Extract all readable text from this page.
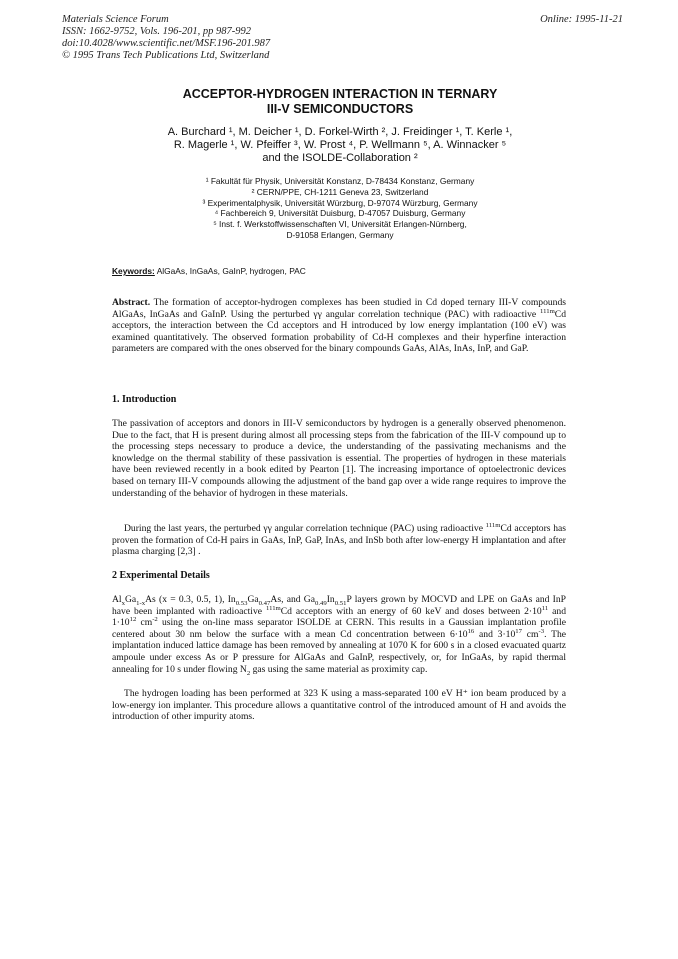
Materials Science Forum
ISSN: 1662-9752, Vols. 196-201, pp 987-992
doi:10.4028/www.scientific.net/MSF.196-201.987
© 1995 Trans Tech Publications Ltd, Switzerland
Online: 1995-11-21
ACCEPTOR-HYDROGEN INTERACTION IN TERNARY
III-V SEMICONDUCTORS
A. Burchard ¹, M. Deicher ¹, D. Forkel-Wirth ², J. Freidinger ¹, T. Kerle ¹,
R. Magerle ¹, W. Pfeiffer ³, W. Prost ⁴, P. Wellmann ⁵, A. Winnacker ⁵
and the ISOLDE-Collaboration ²
¹ Fakultät für Physik, Universität Konstanz, D-78434 Konstanz, Germany
² CERN/PPE, CH-1211 Geneva 23, Switzerland
³ Experimentalphysik, Universität Würzburg, D-97074 Würzburg, Germany
⁴ Fachbereich 9, Universität Duisburg, D-47057 Duisburg, Germany
⁵ Inst. f. Werkstoffwissenschaften VI, Universität Erlangen-Nürnberg,
D-91058 Erlangen, Germany
Keywords: AlGaAs, InGaAs, GaInP, hydrogen, PAC
Abstract. The formation of acceptor-hydrogen complexes has been studied in Cd doped ternary III-V compounds AlGaAs, InGaAs and GaInP. Using the perturbed γγ angular correlation technique (PAC) with radioactive $^{111m}$Cd acceptors, the interaction between the Cd acceptors and H introduced by low energy implantation (100 eV) was examined quantitatively. The observed formation probability of Cd-H complexes and their hyperfine interaction parameters are compared with the ones observed for the binary compounds GaAs, AlAs, InAs, InP, and GaP.
1. Introduction
The passivation of acceptors and donors in III-V semiconductors by hydrogen is a generally observed phenomenon. Due to the fact, that H is present during almost all processing steps from the fabrication of the III-V compound up to the processing steps necessary to produce a device, the understanding of the passivating mechanisms and the knowledge on the thermal stability of these passivation is essential. The properties of hydrogen in these materials have been reviewed recently in a book edited by Pearton [1]. The increasing importance of optoelectronic devices based on ternary III-V compounds allowing the adjustment of the band gap over a wide range requires to improve the understanding of the behavior of hydrogen in these materials.
During the last years, the perturbed γγ angular correlation technique (PAC) using radioactive $^{111m}$Cd acceptors has proven the formation of Cd-H pairs in GaAs, InP, GaP, InAs, and InSb both after low-energy H implantation and after plasma charging [2,3] .
2 Experimental Details
$Al_xGa_{1-x}As$ (x = 0.3, 0.5, 1), $In_{0.53}Ga_{0.47}As$, and $Ga_{0.49}In_{0.51}P$ layers grown by MOCVD and LPE on GaAs and InP have been implanted with radioactive $^{111m}$Cd acceptors with an energy of 60 keV and doses between $2\cdot 10^{11}$ and $1\cdot 10^{12}$ $cm^{-2}$ using the on-line mass separator ISOLDE at CERN. This results in a Gaussian implantation profile centered about 30 nm below the surface with a mean Cd concentration between $6\cdot 10^{16}$ and $3\cdot 10^{17}$ $cm^{-3}$. The implantation induced lattice damage has been removed by annealing at 1070 K for 600 s in a closed evacuated quartz ampoule under excess As or P pressure for AlGaAs and GaInP, respectively, or, for InGaAs, by rapid thermal annealing for 10 s under flowing $N_2$ gas using the same material as proximity cap.
The hydrogen loading has been performed at 323 K using a mass-separated 100 eV H⁺ ion beam produced by a low-energy ion implanter. This procedure allows a quantitative control of the introduced amount of H and avoids the introduction of other impurity atoms.
